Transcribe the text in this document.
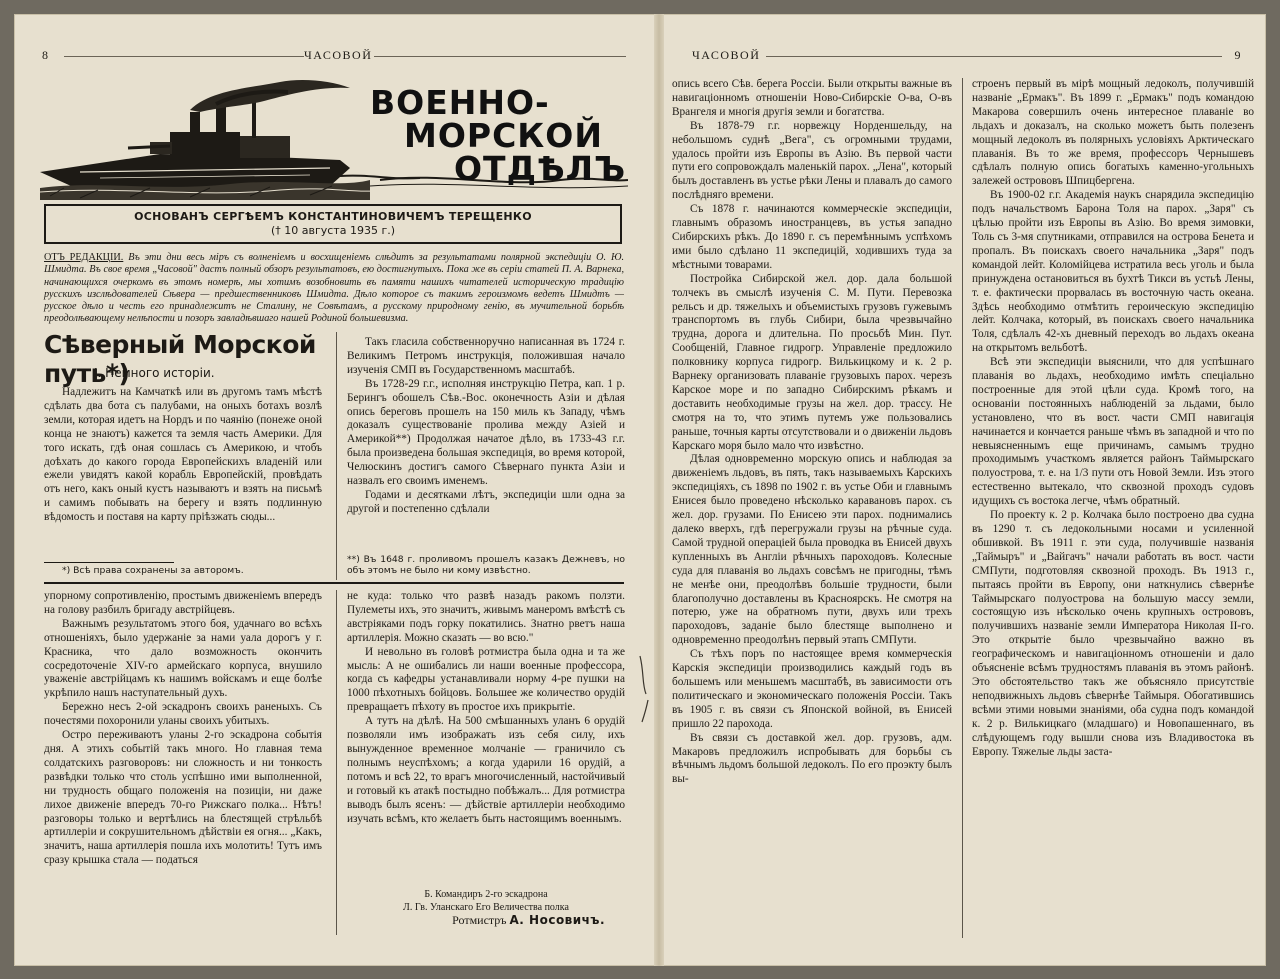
8	ЧАСОВОЙ
ВОЕННО-
МОРСКОЙ
ОТДѢЛЪ
ОСНОВАНЪ СЕРГѢЕМЪ КОНСТАНТИНОВИЧЕМЪ ТЕРЕЩЕНКО
(† 10 августа 1935 г.)
ОТЪ РЕДАКЦІИ. Въ эти дни весь міръ съ волненіемъ и восхищеніемъ слѣдитъ за результатами полярной экспедиціи О. Ю. Шмидта. Въ свое время „Часовой" дастъ полный обзоръ результатовъ, ею достигнутыхъ. Пока же въ серіи статей П. А. Варнека, начинающихся очеркомъ въ этомъ номерѣ, мы хотимъ возобновить въ памяти нашихъ читателей историческую традицію русскихъ изслѣдователей Сѣвера — предшественниковъ Шмидта. Дѣло которое съ такимъ героизмомъ ведетъ Шмидтъ — русское дѣло и честь его принадлежитъ не Сталину, не Совѣтамъ, а русскому природному генію, въ мучительной борьбѣ преодолѣвающему нелѣпости и позоръ завладѣвшаго нашей Родиной большевизма.
Сѣверный Морской путь*)
І. Немного исторіи.

Надлежитъ на Камчаткѣ или въ другомъ тамъ мѣстѣ сдѣлать два бота съ палубами, на оныхъ ботахъ возлѣ земли, которая идетъ на Нордъ и по чаянію (понеже оной конца не знаютъ) кажется та земля часть Америки. Для того искать, гдѣ оная сошлась съ Америкою, и чтобъ доѣхать до какого города Европейскихъ владеній или ежели увидятъ какой корабль Европейскій, провѣдать отъ него, какъ оный кустъ называютъ и взять на письмѣ и самимъ побывать на берегу и взять подлинную вѣдомость и поставя на карту пріѣзжать сюды...

*) Всѣ права сохранены за авторомъ.

Такъ гласила собственноручно написанная въ 1724 г. Великимъ Петромъ инструкція, положившая начало изученія СМП въ Государственномъ масштабѣ.

Въ 1728-29 г.г., исполняя инструкцію Петра, кап. 1 р. Берингъ обошелъ Сѣв.-Вос. оконечность Азіи и дѣлая опись береговъ прошелъ на 150 миль къ Западу, чѣмъ доказалъ существованіе пролива между Азіей и Америкой**) Продолжая начатое дѣло, въ 1733-43 г.г. была произведена большая экспедиція, во время которой, Челюскинъ достигъ самого Сѣвернаго пункта Азіи и назвалъ его своимъ именемъ.

Годами и десятками лѣтъ, экспедиціи шли одна за другой и постепенно сдѣлали

**) Въ 1648 г. проливомъ прошелъ казакъ Дежневъ, но объ этомъ не было ни кому извѣстно.

упорному сопротивленію, простымъ движеніемъ впередъ на голову разбилъ бригаду австрійцевъ.

Важнымъ результатомъ этого боя, удачнаго во всѣхъ отношеніяхъ, было удержаніе за нами уала дорогъ у г. Красника, что дало возможность окончить сосредоточеніе XIV-го армейскаго корпуса, внушило уваженіе австрійцамъ къ нашимъ войскамъ и еще болѣе укрѣпило нашъ наступательный духъ.

Бережно несъ 2-ой эскадронъ своихъ раненыхъ. Съ почестями похоронили уланы своихъ убитыхъ.

Остро переживаютъ уланы 2-го эскадрона событія дня. А этихъ событій такъ много. Но главная тема солдатскихъ разговоровъ: ни сложность и ни тонкость развѣдки только что столь успѣшно ими выполненной, ни трудность общаго положенія на позиціи, ни даже лихое движеніе впередъ 70-го Рижскаго полка... Нѣтъ! разговоры только и вертѣлись на блестящей стрѣльбѣ артиллеріи и сокрушительномъ дѣйствіи ея огня... „Какъ, значитъ, наша артиллерія пошла ихъ молотить! Тутъ имъ сразу крышка стала — податься

не куда: только что развѣ назадъ ракомъ ползти. Пулеметы ихъ, это значитъ, живымъ манеромъ вмѣстѣ съ австріяками подъ горку покатились. Знатно рветъ наша артиллерія. Можно сказать — во всю."

И невольно въ головѣ ротмистра была одна и та же мысль: А не ошибались ли наши военные профессора, когда съ кафедры устанавливали норму 4-ре пушки на 1000 пѣхотныхъ бойцовъ. Большее же количество орудій превращаетъ пѣхоту въ простое ихъ прикрытіе.

А тутъ на дѣлѣ. На 500 смѣшанныхъ уланъ 6 орудій позволяли имъ изображать изъ себя силу, ихъ вынужденное временное молчаніе — граничило съ полнымъ неуспѣхомъ; а когда ударили 16 орудій, а потомъ и всѣ 22, то врагъ многочисленный, настойчивый и готовый къ атакѣ постыдно побѣжалъ... Для ротмистра выводъ былъ ясенъ: — дѣйствіе артиллеріи необходимо изучать всѣмъ, кто желаетъ быть настоящимъ военнымъ.

Б. Командиръ 2-го эскадрона
Л. Гв. Уланскаго Его Величества полка
Ротмистръ А. Носовичъ.
ЧАСОВОЙ	9

опись всего Сѣв. берега Россіи. Были открыты важные въ навигаціонномъ отношеніи Ново-Сибирскіе О-ва, О-въ Врангеля и многія другія земли и богатства.

Въ 1878-79 г.г. норвежцу Норденшельду, на небольшомъ суднѣ „Вега", съ огромными трудами, удалось пройти изъ Европы въ Азію. Въ первой части пути его сопровождалъ маленькій парох. „Лена", который былъ доставленъ въ устье рѣки Лены и плавалъ до самого послѣдняго времени.

Съ 1878 г. начинаются коммерческіе экспедиціи, главнымъ образомъ иностранцевъ, въ устья западно Сибирскихъ рѣкъ. До 1890 г. съ перемѣннымъ успѣхомъ ими было сдѣлано 11 экспедицій, ходившихъ туда за мѣстными товарами.

Постройка Сибирской жел. дор. дала большой толчекъ въ смыслѣ изученія С. М. Пути. Перевозка рельсъ и др. тяжелыхъ и объемистыхъ грузовъ гужевымъ транспортомъ въ глубь Сибири, была чрезвычайно трудна, дорога и длительна. По просьбѣ Мин. Пут. Сообщеній, Главное гидрогр. Управленіе предложило полковнику корпуса гидрогр. Вилькицкому и к. 2 р. Варнеку организовать плаваніе грузовыхъ парох. черезъ Карское море и по западно Сибирскимъ рѣкамъ и доставить необходимые грузы на жел. дор. трассу. Не смотря на то, что этимъ путемъ уже пользовались раньше, точныя карты отсутствовали и о движеніи льдовъ Карскаго моря было мало что извѣстно.

Дѣлая одновременно морскую опись и наблюдая за движеніемъ льдовъ, въ пять, такъ называемыхъ Карскихъ экспедиціяхъ, съ 1898 по 1902 г. въ устье Оби и главнымъ Енисея было проведено нѣсколько каравановъ парох. съ жел. дор. грузами. По Енисею эти парох. поднимались далеко вверхъ, гдѣ перегружали грузы на рѣчные суда. Самой трудной операціей была проводка въ Енисей двухъ купленныхъ въ Англіи рѣчныхъ пароходовъ. Колесные суда для плаванія во льдахъ совсѣмъ не пригодны, тѣмъ не менѣе они, преодолѣвъ большіе трудности, были благополучно доставлены въ Красноярскъ. Не смотря на потерю, уже на обратномъ пути, двухъ или трехъ пароходовъ, заданіе было блестяще выполнено и одновременно преодолѣнъ первый этапъ СМПути.

Съ тѣхъ поръ по настоящее время коммерческія Карскія экспедиціи производились каждый годъ въ большемъ или меньшемъ масштабѣ, въ зависимости отъ политическаго и экономическаго положенія Россіи. Такъ въ 1905 г. въ связи съ Японской войной, въ Енисей пришло 22 парохода.

Въ связи съ доставкой жел. дор. грузовъ, адм. Макаровъ предложилъ испробывать для борьбы съ вѣчнымъ льдомъ большой ледоколъ. По его проэкту былъ вы-

строенъ первый въ мірѣ мощный ледоколъ, получившій названіе „Ермакъ". Въ 1899 г. „Ермакъ" подъ командою Макарова совершилъ очень интересное плаваніе во льдахъ и доказалъ, на сколько можетъ быть полезенъ мощный ледоколъ въ полярныхъ условіяхъ Арктическаго плаванія. Въ то же время, профессоръ Чернышевъ сдѣлалъ полную опись богатыхъ каменно-угольныхъ залежей острововъ Шпицбергена.

Въ 1900-02 г.г. Академія наукъ снарядила экспедицію подъ начальствомъ Барона Толя на парох. „Заря" съ цѣлью пройти изъ Европы въ Азію. Во время зимовки, Толь съ 3-мя спутниками, отправился на острова Бенета и пропалъ. Въ поискахъ своего начальника „Заря" подъ командой лейт. Коломійцева истратила весь уголь и была принуждена остановиться въ бухтѣ Тикси въ устьѣ Лены, т. е. фактически прорвалась въ восточную часть океана. Здѣсь необходимо отмѣтить героическую экспедицію лейт. Колчака, который, въ поискахъ своего начальника Толя, сдѣлалъ 42-хъ дневный переходъ во льдахъ океана на открытомъ вельботѣ.

Всѣ эти экспедиціи выяснили, что для успѣшнаго плаванія во льдахъ, необходимо имѣть спеціально построенные для этой цѣли суда. Кромѣ того, на основаніи постоянныхъ наблюденій за льдами, было установлено, что въ вост. части СМП навигація начинается и кончается раньше чѣмъ въ западной и что по невыясненнымъ еще причинамъ, самымъ трудно проходимымъ участкомъ является районъ Таймырскаго полуострова, т. е. на 1/3 пути отъ Новой Земли. Изъ этого естественно вытекало, что сквозной проходъ судовъ идущихъ съ востока легче, чѣмъ обратный.

По проекту к. 2 р. Колчака было построено два судна въ 1290 т. съ ледокольными носами и усиленной обшивкой. Въ 1911 г. эти суда, получившіе названія „Таймыръ" и „Вайгачъ" начали работать въ вост. части СМПути, подготовляя сквозной проходъ. Въ 1913 г., пытаясь пройти въ Европу, они наткнулись сѣвернѣе Таймырскаго полуострова на большую массу земли, состоящую изъ нѣсколько очень крупныхъ острововъ, получившихъ названіе земли Императора Николая II-го. Это открытіе было чрезвычайно важно въ географическомъ и навигаціонномъ отношеніи и дало объясненіе всѣмъ трудностямъ плаванія въ этомъ районѣ. Это обстоятельство такъ же объясняло присутствіе неподвижныхъ льдовъ сѣвернѣе Таймыря. Обогатившись всѣми этими новыми знаніями, оба судна подъ командой к. 2 р. Вилькицкаго (младшаго) и Новопашеннаго, въ слѣдующемъ году вышли снова изъ Владивостока въ Европу. Тяжелые льды заста-
